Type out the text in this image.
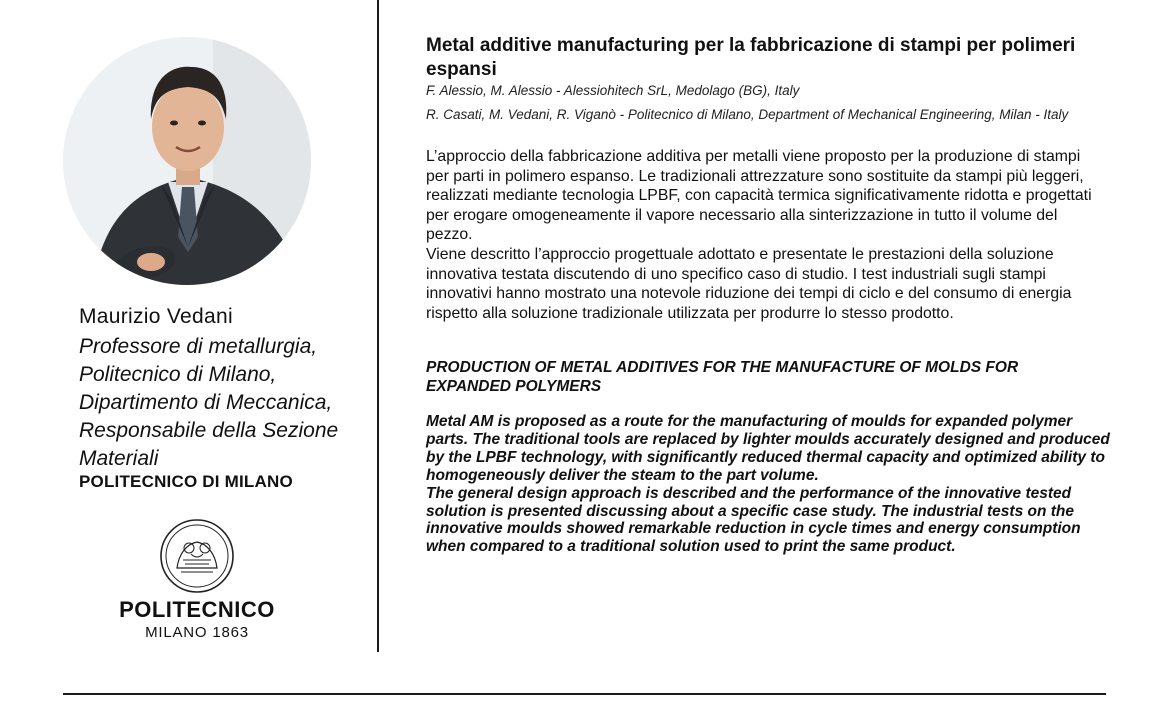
Maurizio Vedani
Professore di metallurgia,
Politecnico di Milano,
Dipartimento di Meccanica,
Responsabile della Sezione
Materiali
POLITECNICO DI MILANO
POLITECNICO
MILANO 1863
Metal additive manufacturing per la fabbricazione di stampi per polimeri espansi
F. Alessio, M. Alessio - Alessiohitech SrL, Medolago (BG), Italy
R. Casati, M. Vedani, R. Viganò - Politecnico di Milano, Department of Mechanical Engineering, Milan - Italy

L’approccio della fabbricazione additiva per metalli viene proposto per la produzione di stampi per parti in polimero espanso. Le tradizionali attrezzature sono sostituite da stampi più leggeri, realizzati mediante tecnologia LPBF, con capacità termica significativamente ridotta e progettati per erogare omogeneamente il vapore necessario alla sinterizzazione in tutto il volume del pezzo.

Viene descritto l’approccio progettuale adottato e presentate le prestazioni della soluzione innovativa testata discutendo di uno specifico caso di studio. I test industriali sugli stampi innovativi hanno mostrato una notevole riduzione dei tempi di ciclo e del consumo di energia rispetto alla soluzione tradizionale utilizzata per produrre lo stesso prodotto.

PRODUCTION OF METAL ADDITIVES FOR THE MANUFACTURE OF MOLDS FOR EXPANDED POLYMERS

Metal AM is proposed as a route for the manufacturing of moulds for expanded polymer parts. The traditional tools are replaced by lighter moulds accurately designed and produced by the LPBF technology, with significantly reduced thermal capacity and optimized ability to homogeneously deliver the steam to the part volume.

The general design approach is described and the performance of the innovative tested solution is presented discussing about a specific case study. The industrial tests on the innovative moulds showed remarkable reduction in cycle times and energy consumption when compared to a traditional solution used to print the same product.
